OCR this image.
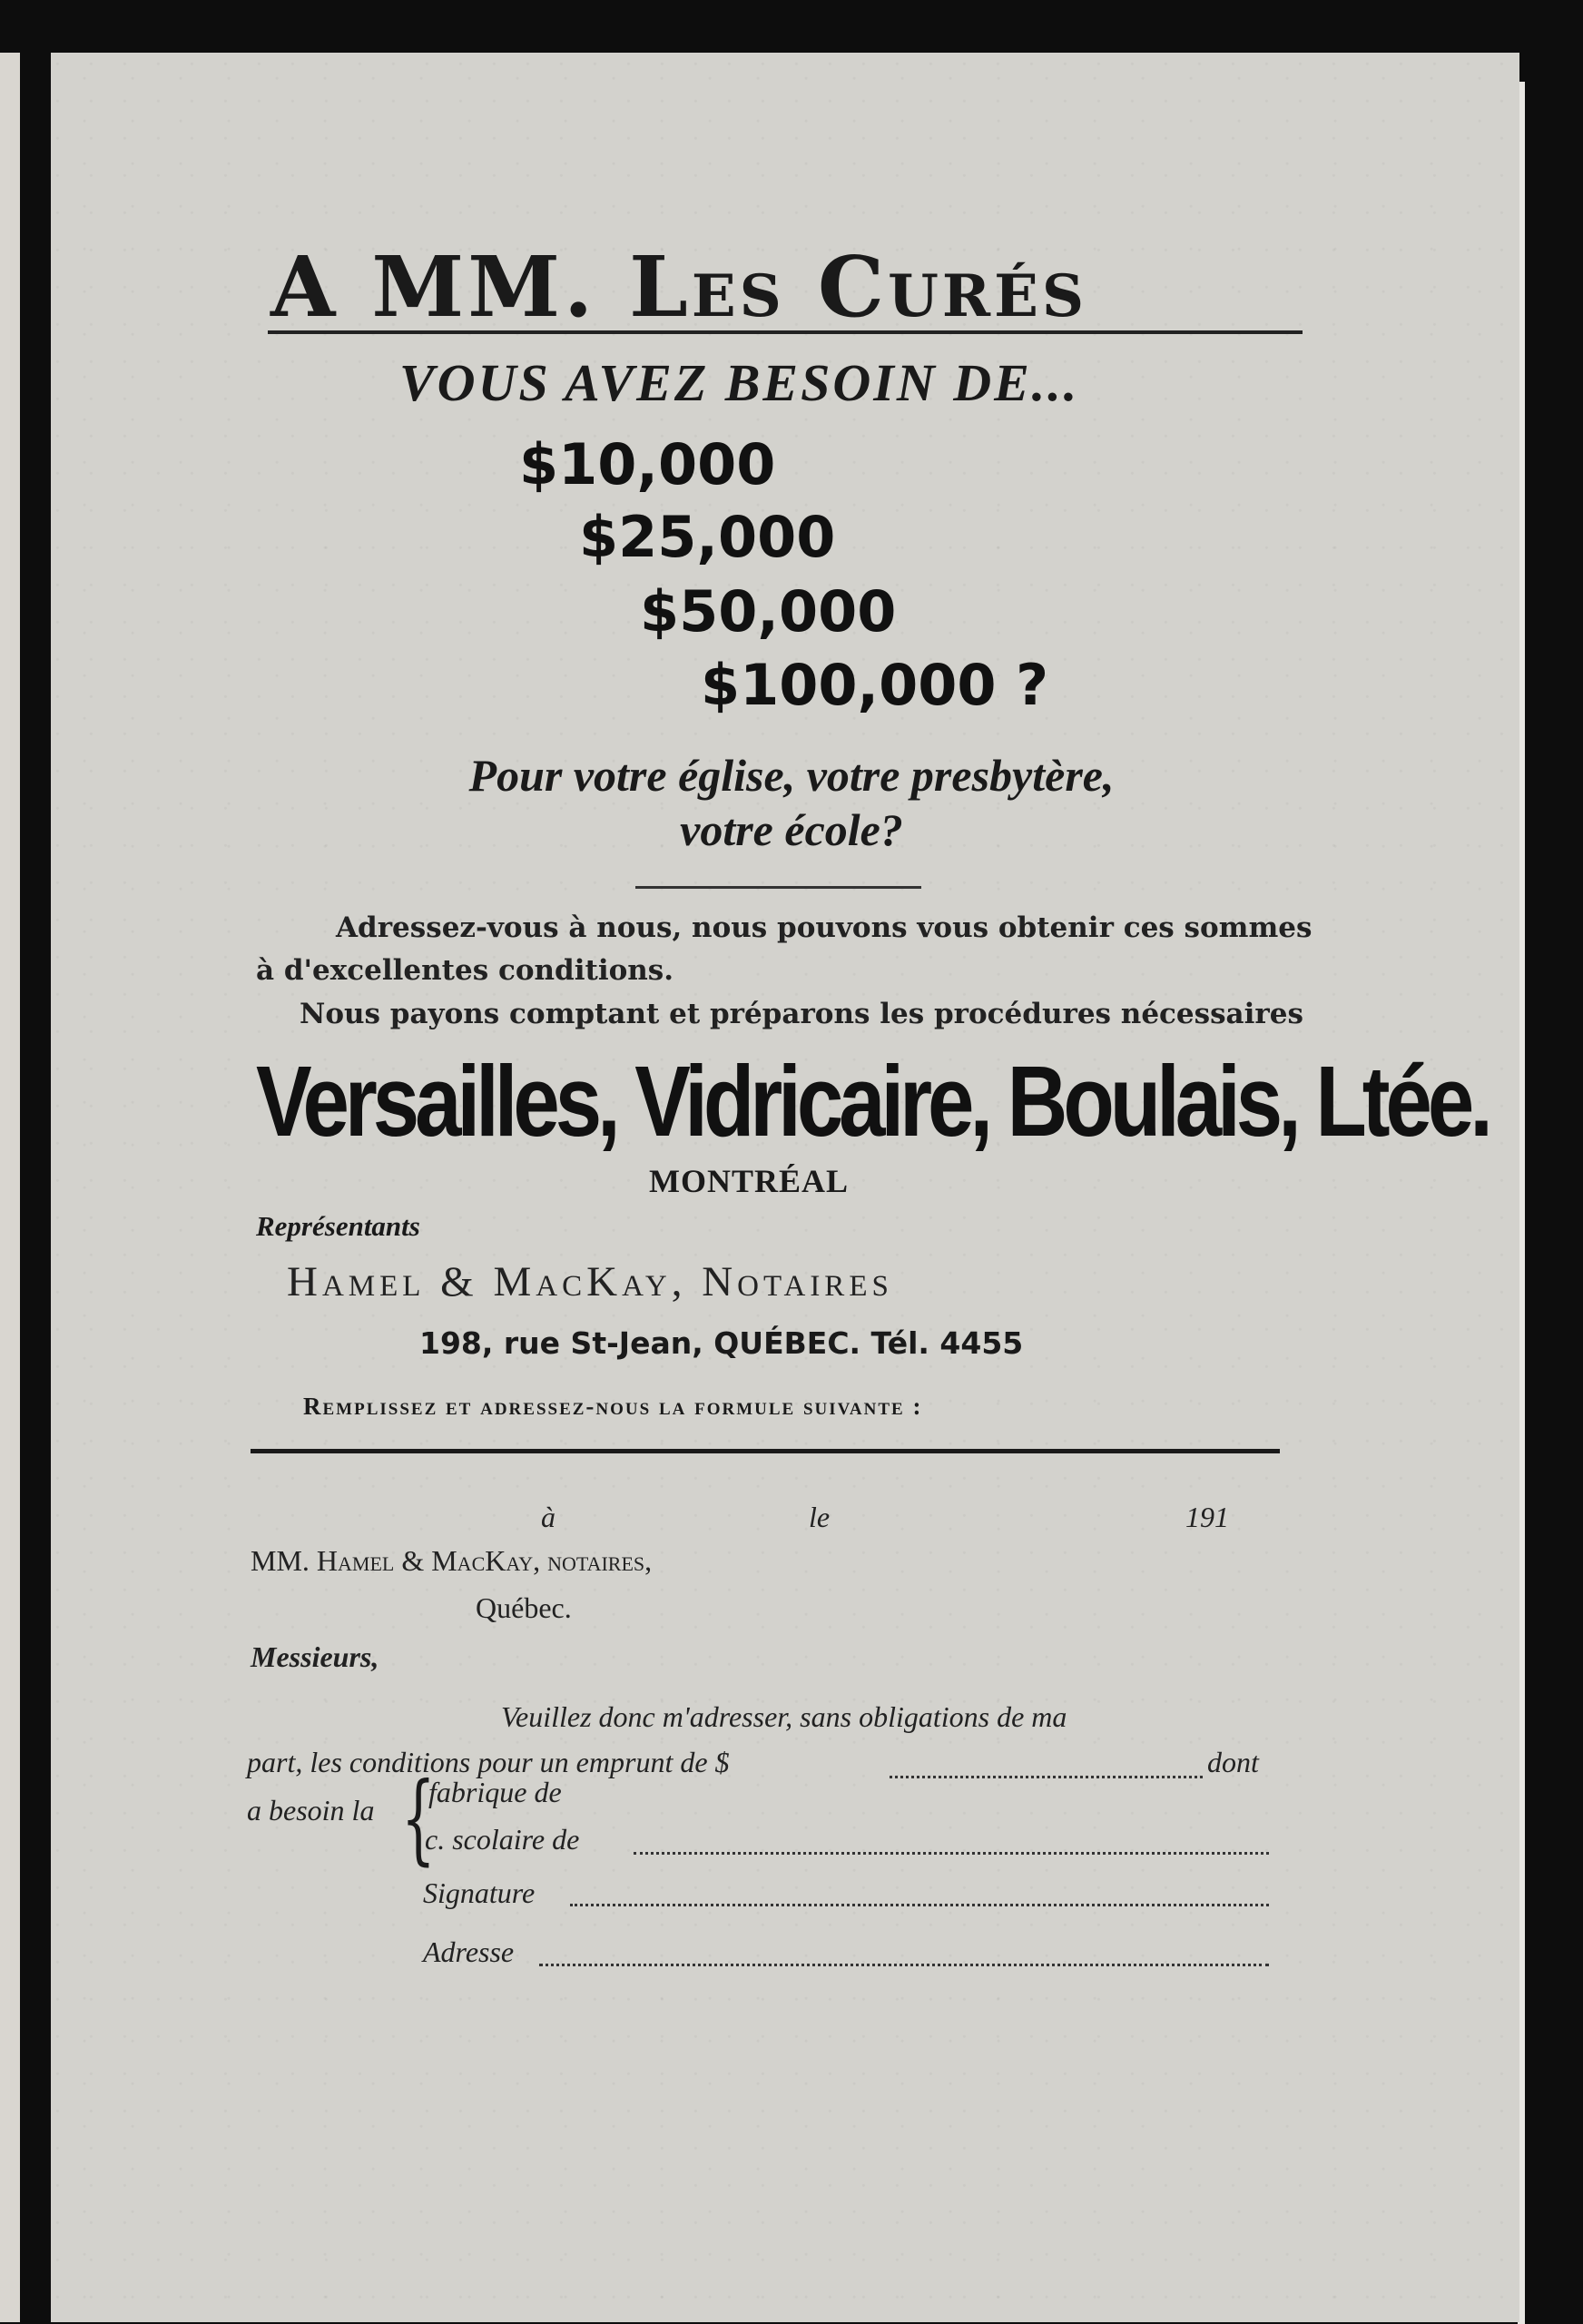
A MM. Les Curés
VOUS AVEZ BESOIN DE...
$10,000
$25,000
$50,000
$100,000 ?
Pour votre église, votre presbytère,
votre école?
Adressez-vous à nous, nous pouvons vous obtenir ces sommes
à d'excellentes conditions.
Nous payons comptant et préparons les procédures nécessaires
Versailles, Vidricaire, Boulais, Ltée.
MONTRÉAL
Représentants
Hamel & MacKay, Notaires
198, rue St-Jean, QUÉBEC. Tél. 4455
Remplissez et adressez-nous la formule suivante :
à	le	191
MM. Hamel & MacKay, notaires,
Québec.
Messieurs,
Veuillez donc m'adresser, sans obligations de ma
part, les conditions pour un emprunt de $	dont
a besoin la {
fabrique de
c. scolaire de
Signature
Adresse
